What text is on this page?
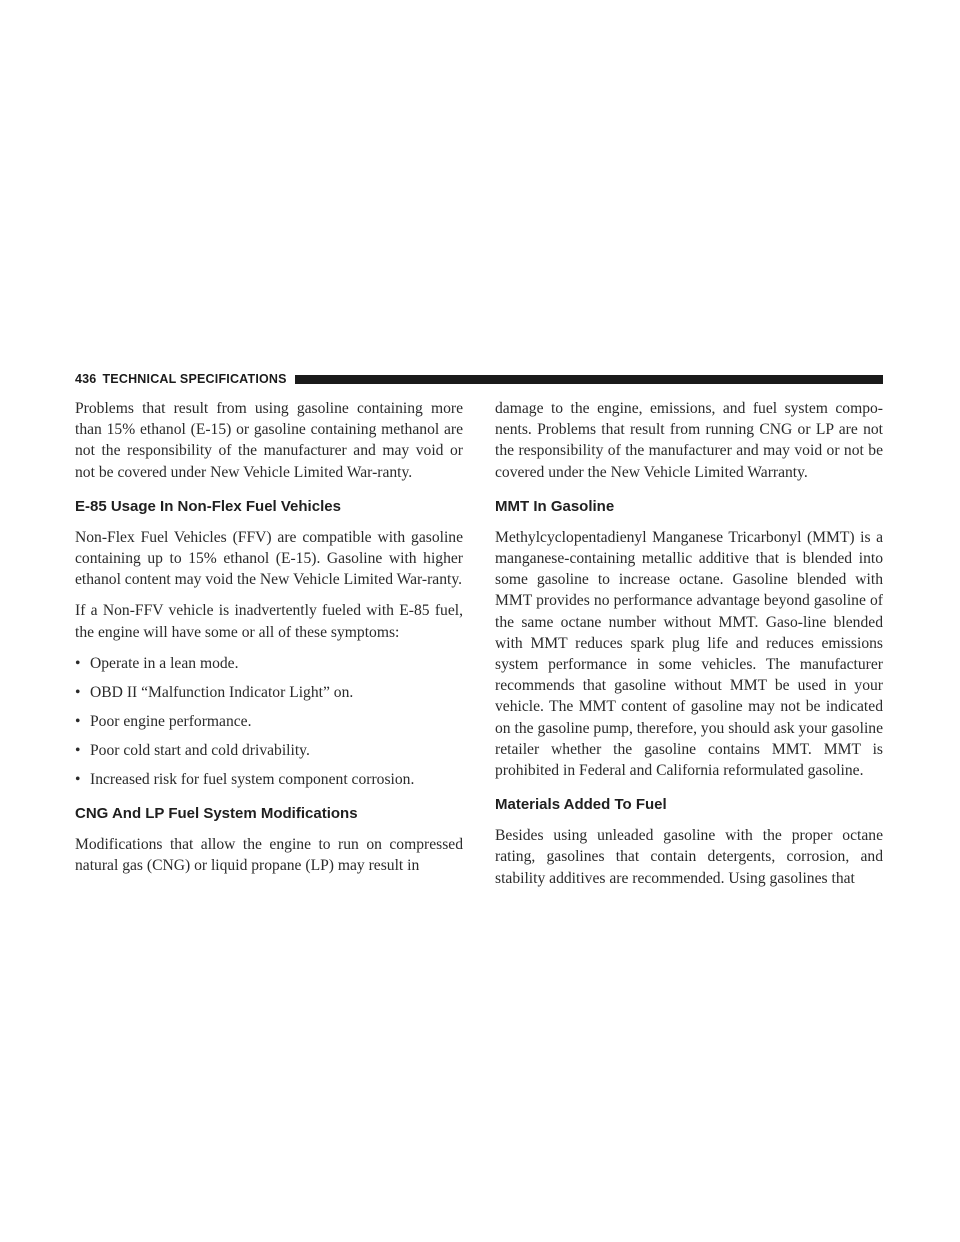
436 TECHNICAL SPECIFICATIONS

Problems that result from using gasoline containing more than 15% ethanol (E-15) or gasoline containing methanol are not the responsibility of the manufacturer and may void or not be covered under New Vehicle Limited War-ranty.

E-85 Usage In Non-Flex Fuel Vehicles

Non-Flex Fuel Vehicles (FFV) are compatible with gasoline containing up to 15% ethanol (E-15). Gasoline with higher ethanol content may void the New Vehicle Limited War-ranty.

If a Non-FFV vehicle is inadvertently fueled with E-85 fuel, the engine will have some or all of these symptoms:

• Operate in a lean mode.
• OBD II “Malfunction Indicator Light” on.
• Poor engine performance.
• Poor cold start and cold drivability.
• Increased risk for fuel system component corrosion.
CNG And LP Fuel System Modifications

Modifications that allow the engine to run on compressed natural gas (CNG) or liquid propane (LP) may result in

damage to the engine, emissions, and fuel system compo-nents. Problems that result from running CNG or LP are not the responsibility of the manufacturer and may void or not be covered under the New Vehicle Limited Warranty.

MMT In Gasoline

Methylcyclopentadienyl Manganese Tricarbonyl (MMT) is a manganese-containing metallic additive that is blended into some gasoline to increase octane. Gasoline blended with MMT provides no performance advantage beyond gasoline of the same octane number without MMT. Gaso-line blended with MMT reduces spark plug life and reduces emissions system performance in some vehicles. The manufacturer recommends that gasoline without MMT be used in your vehicle. The MMT content of gasoline may not be indicated on the gasoline pump, therefore, you should ask your gasoline retailer whether the gasoline contains MMT. MMT is prohibited in Federal and California reformulated gasoline.

Materials Added To Fuel

Besides using unleaded gasoline with the proper octane rating, gasolines that contain detergents, corrosion, and stability additives are recommended. Using gasolines that
